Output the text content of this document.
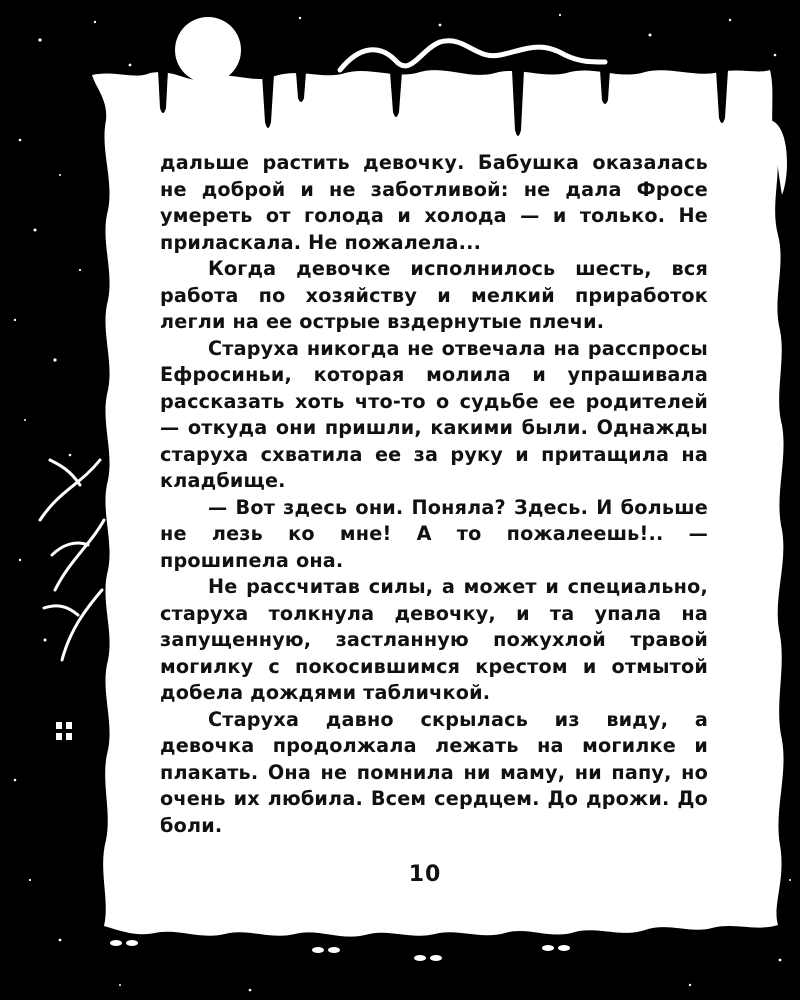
дальше растить девочку. Бабушка оказалась не доброй и не заботливой: не дала Фросе умереть от голода и холода — и только. Не приласкала. Не пожалела...

Когда девочке исполнилось шесть, вся работа по хозяйству и мелкий приработок легли на ее острые вздернутые плечи.

Старуха никогда не отвечала на расспросы Ефросиньи, которая молила и упрашивала рассказать хоть что-то о судьбе ее родителей — откуда они пришли, какими были. Однажды старуха схватила ее за руку и притащила на кладбище.

— Вот здесь они. Поняла? Здесь. И больше не лезь ко мне! А то пожалеешь!.. — прошипела она.

Не рассчитав силы, а может и специально, старуха толкнула девочку, и та упала на запущенную, застланную пожухлой травой могилку с покосившимся крестом и отмытой добела дождями табличкой.

Старуха давно скрылась из виду, а девочка продолжала лежать на могилке и плакать. Она не помнила ни маму, ни папу, но очень их любила. Всем сердцем. До дрожи. До боли.

10
